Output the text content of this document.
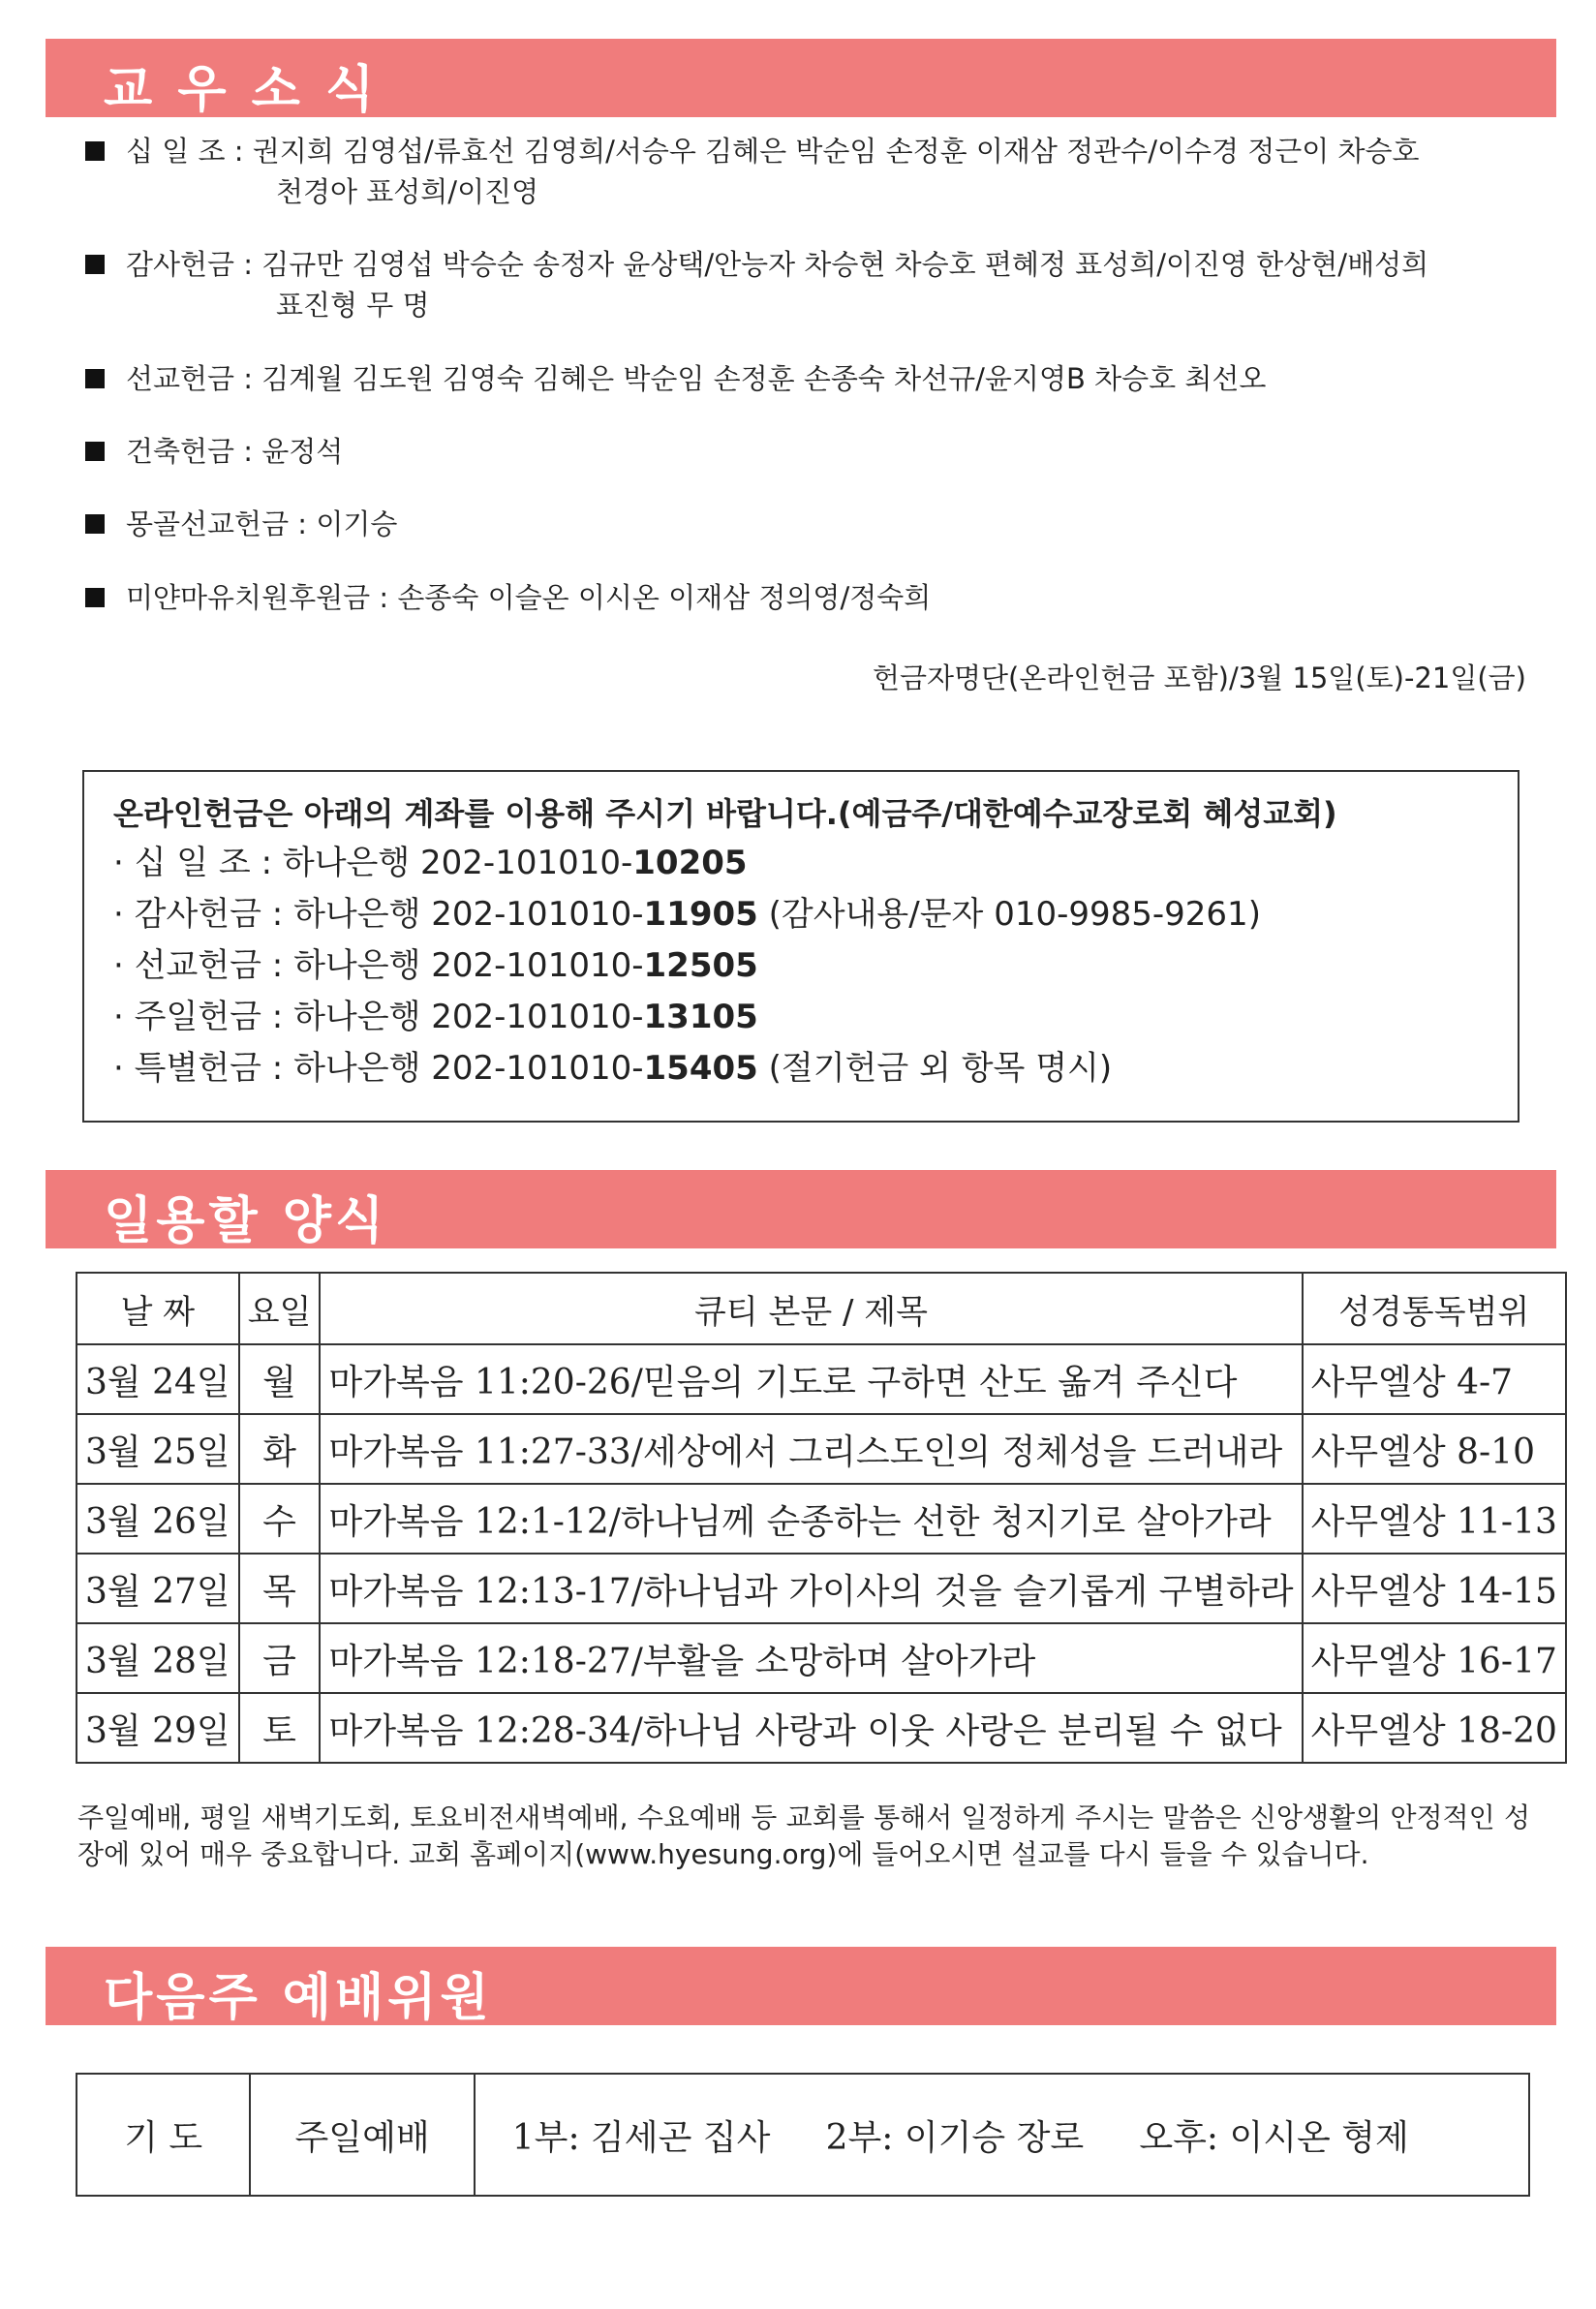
교 우 소 식
십 일 조 : 권지희 김영섭/류효선 김영희/서승우 김혜은 박순임 손정훈 이재삼 정관수/이수경 정근이 차승호
천경아 표성희/이진영
감사헌금 : 김규만 김영섭 박승순 송정자 윤상택/안능자 차승현 차승호 편혜정 표성희/이진영 한상현/배성희
표진형 무 명
선교헌금 : 김계월 김도원 김영숙 김혜은 박순임 손정훈 손종숙 차선규/윤지영B 차승호 최선오
건축헌금 : 윤정석
몽골선교헌금 : 이기승
미얀마유치원후원금 : 손종숙 이슬온 이시온 이재삼 정의영/정숙희
헌금자명단(온라인헌금 포함)/3월 15일(토)-21일(금)
온라인헌금은 아래의 계좌를 이용해 주시기 바랍니다.(예금주/대한예수교장로회 혜성교회)
· 십 일 조 : 하나은행 202-101010-10205
· 감사헌금 : 하나은행 202-101010-11905 (감사내용/문자 010-9985-9261)
· 선교헌금 : 하나은행 202-101010-12505
· 주일헌금 : 하나은행 202-101010-13105
· 특별헌금 : 하나은행 202-101010-15405 (절기헌금 외 항목 명시)
일용할 양식
날 짜	요일	큐티 본문 / 제목	성경통독범위
3월 24일	월	마가복음 11:20-26/믿음의 기도로 구하면 산도 옮겨 주신다	사무엘상 4-7
3월 25일	화	마가복음 11:27-33/세상에서 그리스도인의 정체성을 드러내라	사무엘상 8-10
3월 26일	수	마가복음 12:1-12/하나님께 순종하는 선한 청지기로 살아가라	사무엘상 11-13
3월 27일	목	마가복음 12:13-17/하나님과 가이사의 것을 슬기롭게 구별하라	사무엘상 14-15
3월 28일	금	마가복음 12:18-27/부활을 소망하며 살아가라	사무엘상 16-17
3월 29일	토	마가복음 12:28-34/하나님 사랑과 이웃 사랑은 분리될 수 없다	사무엘상 18-20
주일예배, 평일 새벽기도회, 토요비전새벽예배, 수요예배 등 교회를 통해서 일정하게 주시는 말씀은 신앙생활의 안정적인 성장에 있어 매우 중요합니다. 교회 홈페이지(www.hyesung.org)에 들어오시면 설교를 다시 들을 수 있습니다.
다음주 예배위원
기 도	주일예배	1부: 김세곤 집사 2부: 이기승 장로 오후: 이시온 형제
